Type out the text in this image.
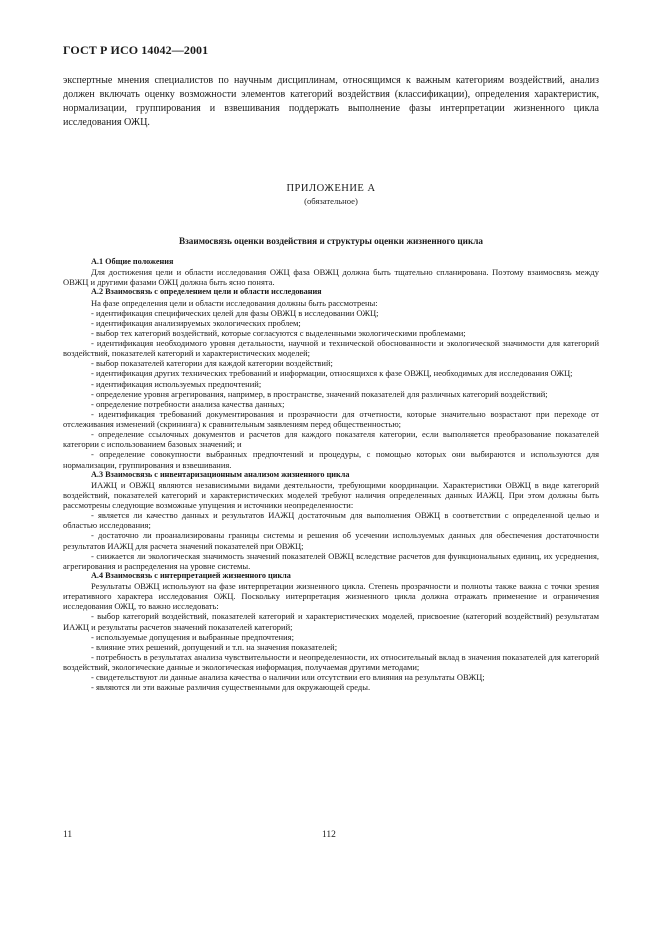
ГОСТ Р ИСО 14042—2001
экспертные мнения специалистов по научным дисциплинам, относящимся к важным категориям воздействий, анализ должен включать оценку возможности элементов категорий воздействия (классификации), определения характеристик, нормализации, группирования и взвешивания поддержать выполнение фазы интерпретации жизненного цикла исследования ОЖЦ.
ПРИЛОЖЕНИЕ А
(обязательное)
Взаимосвязь оценки воздействия и структуры оценки жизненного цикла
А.1 Общие положения

Для достижения цели и области исследования ОЖЦ фаза ОВЖЦ должна быть тщательно спланирована. Поэтому взаимосвязь между ОВЖЦ и другими фазами ОЖЦ должна быть ясно понята.

А.2 Взаимосвязь с определением цели и области исследования

На фазе определения цели и области исследования должны быть рассмотрены:

- идентификация специфических целей для фазы ОВЖЦ в исследовании ОЖЦ;

- идентификация анализируемых экологических проблем;

- выбор тех категорий воздействий, которые согласуются с выделенными экологическими проблемами;

- идентификация необходимого уровня детальности, научной и технической обоснованности и экологической значимости для категорий воздействий, показателей категорий и характеристических моделей;

- выбор показателей категории для каждой категории воздействий;

- идентификация других технических требований и информации, относящихся к фазе ОВЖЦ, необходимых для исследования ОЖЦ;

- идентификация используемых предпочтений;

- определение уровня агрегирования, например, в пространстве, значений показателей для различных категорий воздействий;

- определение потребности анализа качества данных;

- идентификация требований документирования и прозрачности для отчетности, которые значительно возрастают при переходе от отслеживания изменений (скрининга) к сравнительным заявлениям перед общественностью;

- определение ссылочных документов и расчетов для каждого показателя категории, если выполняется преобразование показателей категории с использованием базовых значений; и

- определение совокупности выбранных предпочтений и процедуры, с помощью которых они выбираются и используются для нормализации, группирования и взвешивания.

А.3 Взаимосвязь с инвентаризационным анализом жизненного цикла

ИАЖЦ и ОВЖЦ являются независимыми видами деятельности, требующими координации. Характеристики ОВЖЦ в виде категорий воздействий, показателей категорий и характеристических моделей требуют наличия определенных данных ИАЖЦ. При этом должны быть рассмотрены следующие возможные упущения и источники неопределенности:

- является ли качество данных и результатов ИАЖЦ достаточным для выполнения ОВЖЦ в соответствии с определенной целью и областью исследования;

- достаточно ли проанализированы границы системы и решения об усечении используемых данных для обеспечения достаточности результатов ИАЖЦ для расчета значений показателей при ОВЖЦ;

- снижается ли экологическая значимость значений показателей ОВЖЦ вследствие расчетов для функциональных единиц, их усреднения, агрегирования и распределения на уровне системы.

А.4 Взаимосвязь с интерпретацией жизненного цикла

Результаты ОВЖЦ используют на фазе интерпретации жизненного цикла. Степень прозрачности и полноты также важна с точки зрения итеративного характера исследования ОЖЦ. Поскольку интерпретация жизненного цикла должна отражать применение и ограничения исследования ОЖЦ, то важно исследовать:

- выбор категорий воздействий, показателей категорий и характеристических моделей, присвоение (категорий воздействий) результатам ИАЖЦ и результаты расчетов значений показателей категорий;

- используемые допущения и выбранные предпочтения;

- влияние этих решений, допущений и т.п. на значения показателей;

- потребность в результатах анализа чувствительности и неопределенности, их относительный вклад в значения показателей для категорий воздействий, экологические данные и экологическая информация, получаемая другими методами;

- свидетельствуют ли данные анализа качества о наличии или отсутствии его влияния на результаты ОВЖЦ;

- являются ли эти важные различия существенными для окружающей среды.

11	112
